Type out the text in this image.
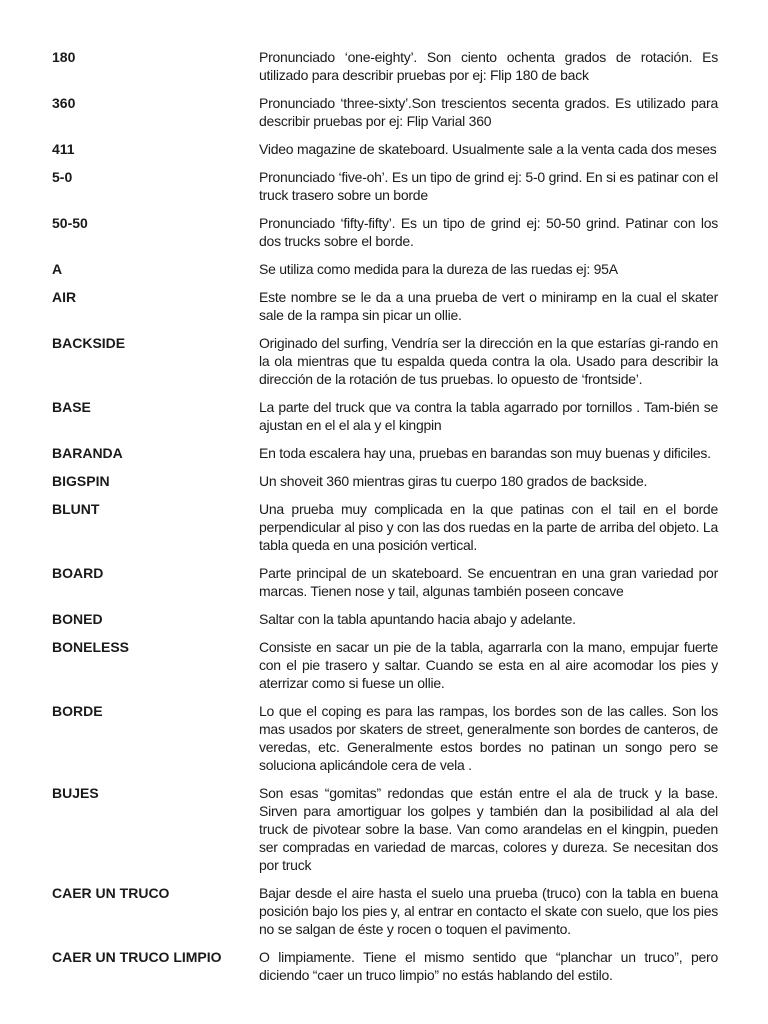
180	Pronunciado ‘one-eighty’. Son ciento ochenta grados de rotación. Es utilizado para describir pruebas por ej: Flip 180 de back
360	Pronunciado ‘three-sixty’.Son trescientos secenta grados. Es utilizado para describir pruebas por ej: Flip Varial 360
411	Video magazine de skateboard. Usualmente sale a la venta cada dos meses
5-0	Pronunciado ‘five-oh’. Es un tipo de grind ej: 5-0 grind. En si es patinar con el truck trasero sobre un borde
50-50	Pronunciado ‘fifty-fifty’. Es un tipo de grind ej: 50-50 grind. Patinar con los dos trucks sobre el borde.
A	Se utiliza como medida para la dureza de las ruedas ej: 95A
AIR	Este nombre se le da a una prueba de vert o miniramp en la cual el skater sale de la rampa sin picar un ollie.
BACKSIDE	Originado del surfing, Vendría ser la dirección en la que estarías gi-rando en la ola mientras que tu espalda queda contra la ola. Usado para describir la dirección de la rotación de tus pruebas. lo opuesto de ‘frontside’.
BASE	La parte del truck que va contra la tabla agarrado por tornillos . Tam-bién se ajustan en el el ala y el kingpin
BARANDA	En toda escalera hay una, pruebas en barandas son muy buenas y dificiles.
BIGSPIN	Un shoveit 360 mientras giras tu cuerpo 180 grados de backside.
BLUNT	Una prueba muy complicada en la que patinas con el tail en el borde perpendicular al piso y con las dos ruedas en la parte de arriba del objeto. La tabla queda en una posición vertical.
BOARD	Parte principal de un skateboard. Se encuentran en una gran variedad por marcas. Tienen nose y tail, algunas también poseen concave
BONED	Saltar con la tabla apuntando hacia abajo y adelante.
BONELESS	Consiste en sacar un pie de la tabla, agarrarla con la mano, empujar fuerte con el pie trasero y saltar. Cuando se esta en al aire acomodar los pies y aterrizar como si fuese un ollie.
BORDE	Lo que el coping es para las rampas, los bordes son de las calles. Son los mas usados por skaters de street, generalmente son bordes de canteros, de veredas, etc. Generalmente estos bordes no patinan un songo pero se soluciona aplicándole cera de vela .
BUJES	Son esas “gomitas” redondas que están entre el ala de truck y la base. Sirven para amortiguar los golpes y también dan la posibilidad al ala del truck de pivotear sobre la base. Van como arandelas en el kingpin, pueden ser compradas en variedad de marcas, colores y dureza. Se necesitan dos por truck
CAER UN TRUCO	Bajar desde el aire hasta el suelo una prueba (truco) con la tabla en buena posición bajo los pies y, al entrar en contacto el skate con suelo, que los pies no se salgan de éste y rocen o toquen el pavimento.
CAER UN TRUCO LIMPIO	O limpiamente. Tiene el mismo sentido que “planchar un truco”, pero diciendo “caer un truco limpio” no estás hablando del estilo.
